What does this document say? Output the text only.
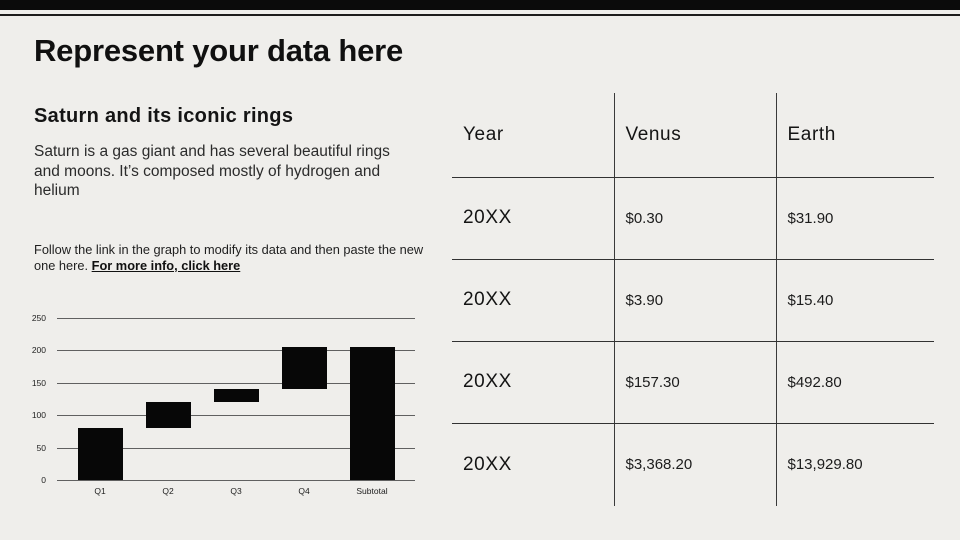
Represent your data here
Saturn and its iconic rings

Saturn is a gas giant and has several beautiful rings and moons. It’s composed mostly of hydrogen and helium

Follow the link in the graph to modify its data and then paste the new one here. For more info, click here

0
50
100
150
200
250
Q1	Q2	Q3	Q4	Subtotal
Year	Venus	Earth
20XX	$0.30	$31.90
20XX	$3.90	$15.40
20XX	$157.30	$492.80
20XX	$3,368.20	$13,929.80
